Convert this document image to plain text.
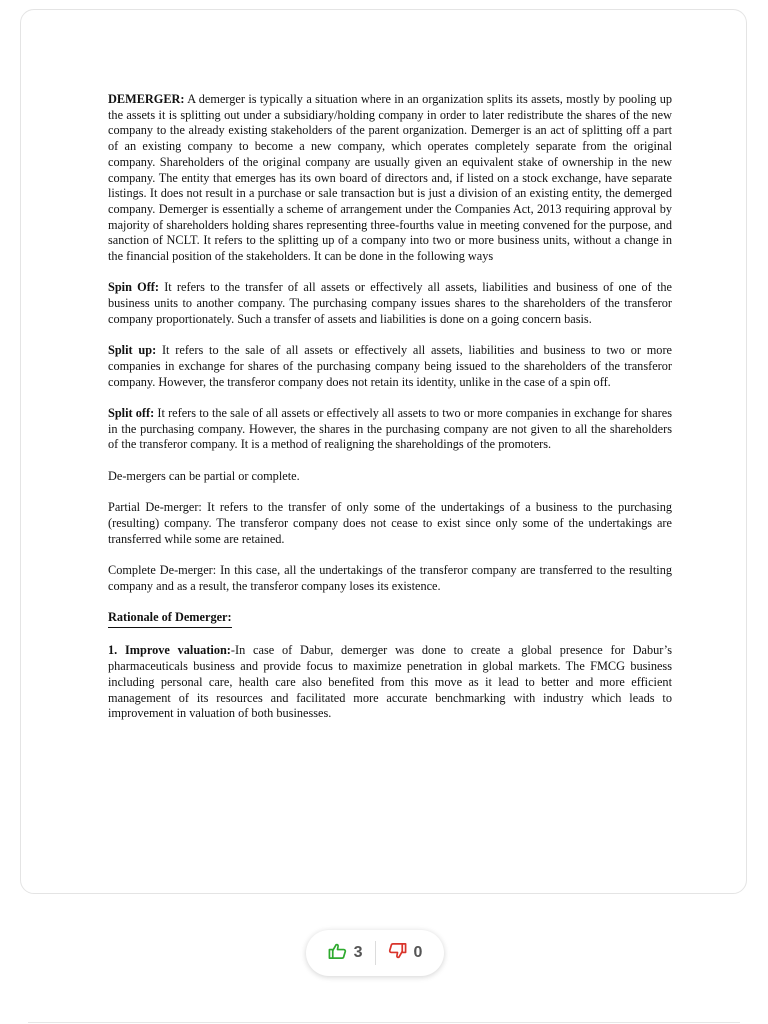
DEMERGER: A demerger is typically a situation where in an organization splits its assets, mostly by pooling up the assets it is splitting out under a subsidiary/holding company in order to later redistribute the shares of the new company to the already existing stakeholders of the parent organization. Demerger is an act of splitting off a part of an existing company to become a new company, which operates completely separate from the original company. Shareholders of the original company are usually given an equivalent stake of ownership in the new company. The entity that emerges has its own board of directors and, if listed on a stock exchange, have separate listings. It does not result in a purchase or sale transaction but is just a division of an existing entity, the demerged company. Demerger is essentially a scheme of arrangement under the Companies Act, 2013 requiring approval by majority of shareholders holding shares representing three-fourths value in meeting convened for the purpose, and sanction of NCLT. It refers to the splitting up of a company into two or more business units, without a change in the financial position of the stakeholders. It can be done in the following ways

Spin Off: It refers to the transfer of all assets or effectively all assets, liabilities and business of one of the business units to another company. The purchasing company issues shares to the shareholders of the transferor company proportionately. Such a transfer of assets and liabilities is done on a going concern basis.

Split up: It refers to the sale of all assets or effectively all assets, liabilities and business to two or more companies in exchange for shares of the purchasing company being issued to the shareholders of the transferor company. However, the transferor company does not retain its identity, unlike in the case of a spin off.

Split off: It refers to the sale of all assets or effectively all assets to two or more companies in exchange for shares in the purchasing company. However, the shares in the purchasing company are not given to all the shareholders of the transferor company. It is a method of realigning the shareholdings of the promoters.

De-mergers can be partial or complete.

Partial De-merger: It refers to the transfer of only some of the undertakings of a business to the purchasing (resulting) company. The transferor company does not cease to exist since only some of the undertakings are transferred while some are retained.

Complete De-merger: In this case, all the undertakings of the transferor company are transferred to the resulting company and as a result, the transferor company loses its existence.

Rationale of Demerger:

1. Improve valuation:-In case of Dabur, demerger was done to create a global presence for Dabur’s pharmaceuticals business and provide focus to maximize penetration in global markets. The FMCG business including personal care, health care also benefited from this move as it lead to better and more efficient management of its resources and facilitated more accurate benchmarking with industry which leads to improvement in valuation of both businesses.

3	0
